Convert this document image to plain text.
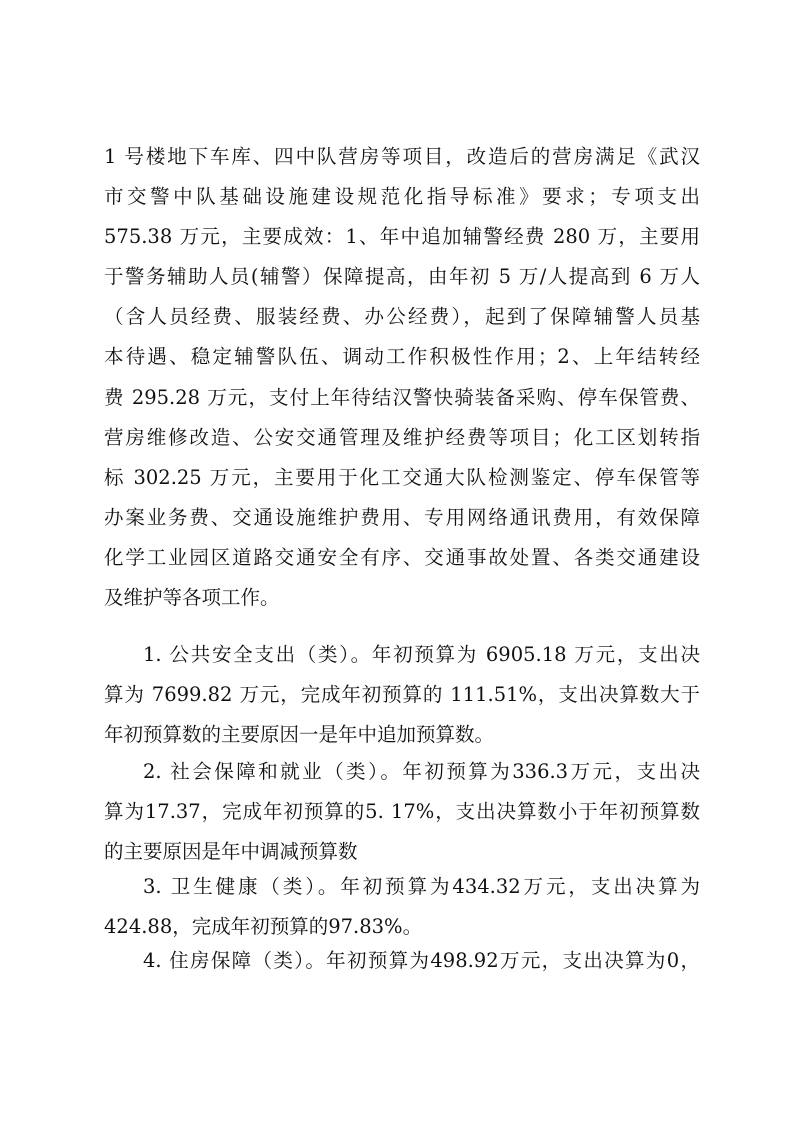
1 号楼地下车库、四中队营房等项目，改造后的营房满足《武汉
市交警中队基础设施建设规范化指导标准》要求；专项支出
575.38 万元，主要成效：1、年中追加辅警经费 280 万，主要用
于警务辅助人员(辅警）保障提高，由年初 5 万/人提高到 6 万人
（含人员经费、服装经费、办公经费），起到了保障辅警人员基
本待遇、稳定辅警队伍、调动工作积极性作用；2、上年结转经
费 295.28 万元，支付上年待结汉警快骑装备采购、停车保管费、
营房维修改造、公安交通管理及维护经费等项目；化工区划转指
标 302.25 万元，主要用于化工交通大队检测鉴定、停车保管等
办案业务费、交通设施维护费用、专用网络通讯费用，有效保障
化学工业园区道路交通安全有序、交通事故处置、各类交通建设
及维护等各项工作。
1. 公共安全支出（类）。年初预算为 6905.18 万元，支出决
算为 7699.82 万元，完成年初预算的 111.51%，支出决算数大于
年初预算数的主要原因一是年中追加预算数。
2. 社会保障和就业（类）。年初预算为336.3万元，支出决
算为17.37，完成年初预算的5. 17%，支出决算数小于年初预算数
的主要原因是年中调减预算数
3. 卫生健康（类）。年初预算为434.32万元，支出决算为
424.88，完成年初预算的97.83%。
4. 住房保障（类）。年初预算为498.92万元，支出决算为0，
